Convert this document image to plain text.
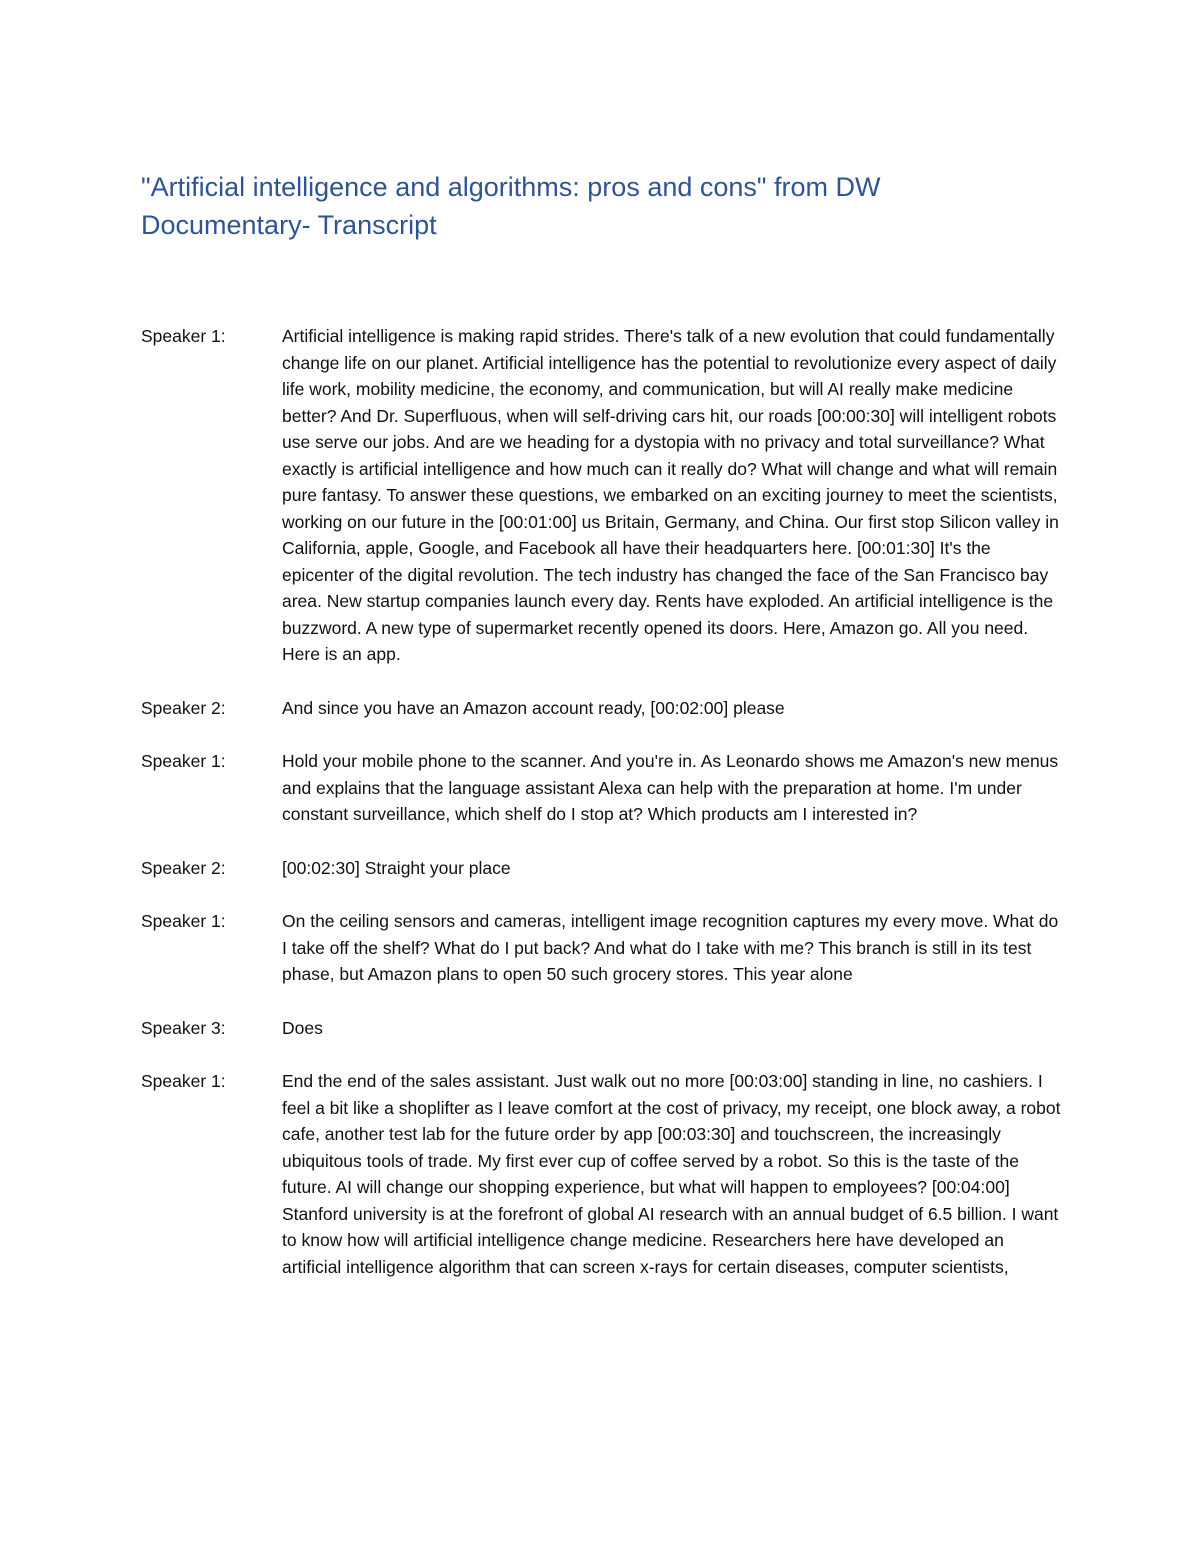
"Artificial intelligence and algorithms: pros and cons" from DW Documentary- Transcript
Speaker 1:	Artificial intelligence is making rapid strides. There's talk of a new evolution that could fundamentally change life on our planet. Artificial intelligence has the potential to revolutionize every aspect of daily life work, mobility medicine, the economy, and communication, but will AI really make medicine better? And Dr. Superfluous, when will self-driving cars hit, our roads [00:00:30] will intelligent robots use serve our jobs. And are we heading for a dystopia with no privacy and total surveillance? What exactly is artificial intelligence and how much can it really do? What will change and what will remain pure fantasy. To answer these questions, we embarked on an exciting journey to meet the scientists, working on our future in the [00:01:00] us Britain, Germany, and China. Our first stop Silicon valley in California, apple, Google, and Facebook all have their headquarters here. [00:01:30] It's the epicenter of the digital revolution. The tech industry has changed the face of the San Francisco bay area. New startup companies launch every day. Rents have exploded. An artificial intelligence is the buzzword. A new type of supermarket recently opened its doors. Here, Amazon go. All you need. Here is an app.
Speaker 2:	And since you have an Amazon account ready, [00:02:00] please
Speaker 1:	Hold your mobile phone to the scanner. And you're in. As Leonardo shows me Amazon's new menus and explains that the language assistant Alexa can help with the preparation at home. I'm under constant surveillance, which shelf do I stop at? Which products am I interested in?
Speaker 2:	[00:02:30] Straight your place
Speaker 1:	On the ceiling sensors and cameras, intelligent image recognition captures my every move. What do I take off the shelf? What do I put back? And what do I take with me? This branch is still in its test phase, but Amazon plans to open 50 such grocery stores. This year alone
Speaker 3:	Does
Speaker 1:	End the end of the sales assistant. Just walk out no more [00:03:00] standing in line, no cashiers. I feel a bit like a shoplifter as I leave comfort at the cost of privacy, my receipt, one block away, a robot cafe, another test lab for the future order by app [00:03:30] and touchscreen, the increasingly ubiquitous tools of trade. My first ever cup of coffee served by a robot. So this is the taste of the future. AI will change our shopping experience, but what will happen to employees? [00:04:00] Stanford university is at the forefront of global AI research with an annual budget of 6.5 billion. I want to know how will artificial intelligence change medicine. Researchers here have developed an artificial intelligence algorithm that can screen x-rays for certain diseases, computer scientists,
